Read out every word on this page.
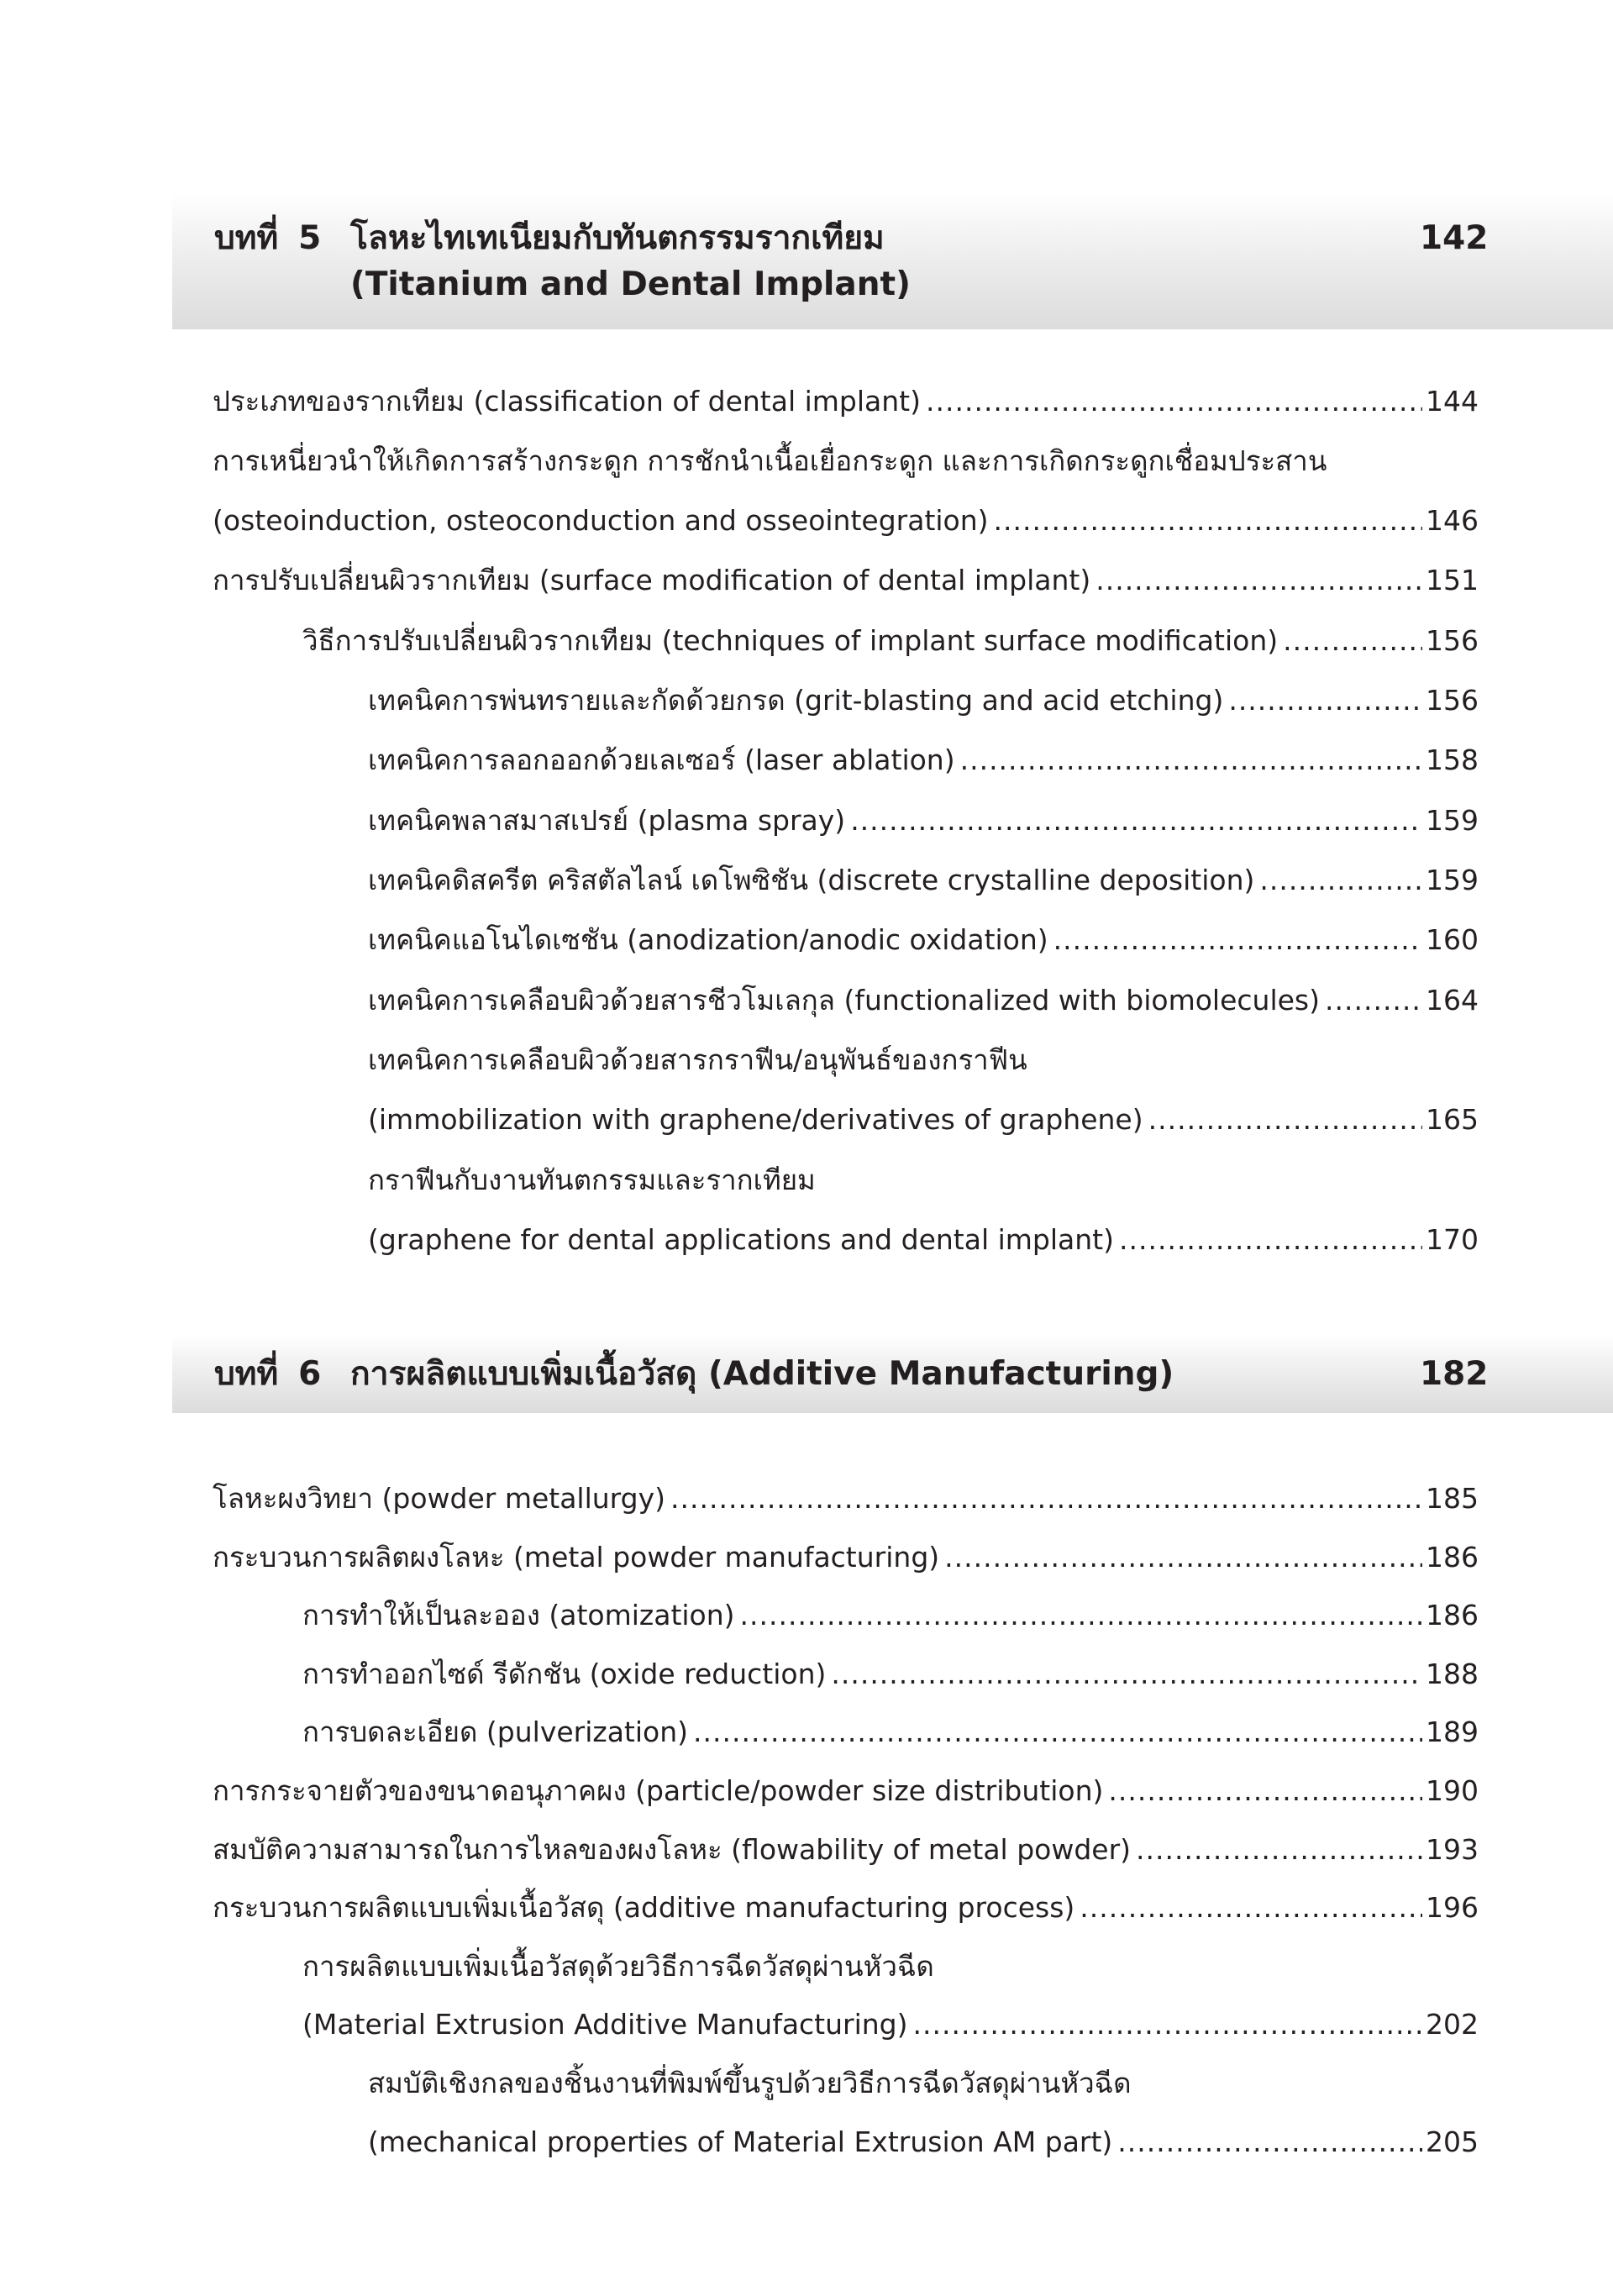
บทที่ 5 โลหะไทเทเนียมกับทันตกรรมรากเทียม
(Titanium and Dental Implant)
142
ประเภทของรากเทียม (classification of dental implant) .....	144
การเหนี่ยวนำให้เกิดการสร้างกระดูก การชักนำเนื้อเยื่อกระดูก และการเกิดกระดูกเชื่อมประสาน
(osteoinduction, osteoconduction and osseointegration) .....	146
การปรับเปลี่ยนผิวรากเทียม (surface modification of dental implant) .....	151
วิธีการปรับเปลี่ยนผิวรากเทียม (techniques of implant surface modification) .....	156
เทคนิคการพ่นทรายและกัดด้วยกรด (grit-blasting and acid etching) .....	156
เทคนิคการลอกออกด้วยเลเซอร์ (laser ablation) .....	158
เทคนิคพลาสมาสเปรย์ (plasma spray) .....	159
เทคนิคดิสครีต คริสตัลไลน์ เดโพซิชัน (discrete crystalline deposition) .....	159
เทคนิคแอโนไดเซชัน (anodization/anodic oxidation) .....	160
เทคนิคการเคลือบผิวด้วยสารชีวโมเลกุล (functionalized with biomolecules) .....	164
เทคนิคการเคลือบผิวด้วยสารกราฟีน/อนุพันธ์ของกราฟีน
(immobilization with graphene/derivatives of graphene) .....	165
กราฟีนกับงานทันตกรรมและรากเทียม
(graphene for dental applications and dental implant) .....	170
บทที่ 6 การผลิตแบบเพิ่มเนื้อวัสดุ (Additive Manufacturing)	182
โลหะผงวิทยา (powder metallurgy) .....	185
กระบวนการผลิตผงโลหะ (metal powder manufacturing) .....	186
การทำให้เป็นละออง (atomization) .....	186
การทำออกไซด์ รีดักชัน (oxide reduction) .....	188
การบดละเอียด (pulverization) .....	189
การกระจายตัวของขนาดอนุภาคผง (particle/powder size distribution) .....	190
สมบัติความสามารถในการไหลของผงโลหะ (flowability of metal powder) .....	193
กระบวนการผลิตแบบเพิ่มเนื้อวัสดุ (additive manufacturing process) .....	196
การผลิตแบบเพิ่มเนื้อวัสดุด้วยวิธีการฉีดวัสดุผ่านหัวฉีด
(Material Extrusion Additive Manufacturing) .....	202
สมบัติเชิงกลของชิ้นงานที่พิมพ์ขึ้นรูปด้วยวิธีการฉีดวัสดุผ่านหัวฉีด
(mechanical properties of Material Extrusion AM part) .....	205
